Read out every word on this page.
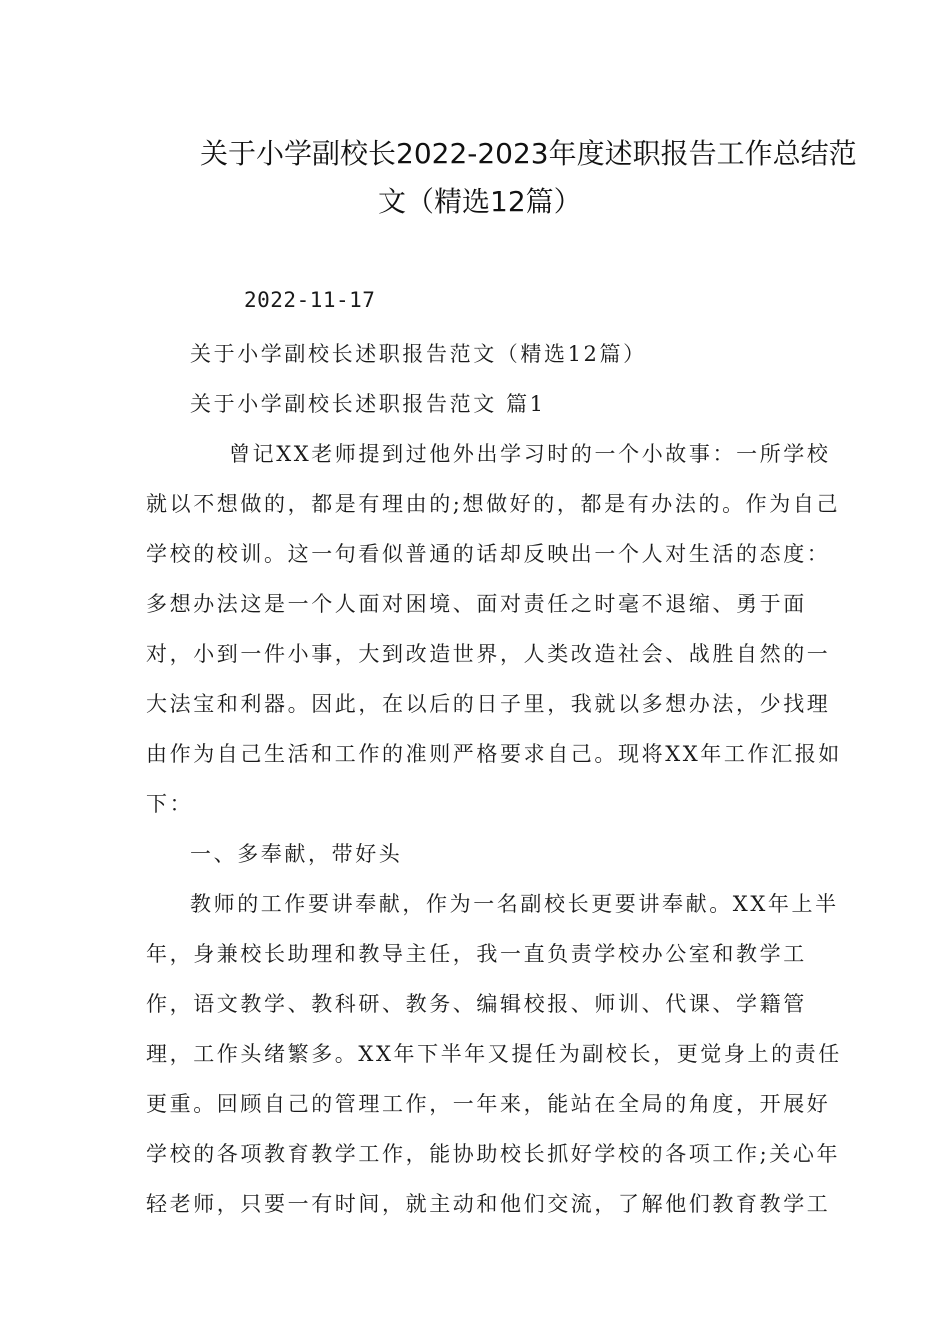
关于小学副校长2022-2023年度述职报告工作总结范
文（精选12篇）
2022-11-17
关于小学副校长述职报告范文（精选12篇）
关于小学副校长述职报告范文 篇1
曾记XX老师提到过他外出学习时的一个小故事：一所学校
就以不想做的，都是有理由的;想做好的，都是有办法的。作为自己
学校的校训。这一句看似普通的话却反映出一个人对生活的态度：
多想办法这是一个人面对困境、面对责任之时毫不退缩、勇于面
对，小到一件小事，大到改造世界，人类改造社会、战胜自然的一
大法宝和利器。因此，在以后的日子里，我就以多想办法，少找理
由作为自己生活和工作的准则严格要求自己。现将XX年工作汇报如
下：
一、多奉献，带好头
教师的工作要讲奉献，作为一名副校长更要讲奉献。XX年上半
年，身兼校长助理和教导主任，我一直负责学校办公室和教学工
作，语文教学、教科研、教务、编辑校报、师训、代课、学籍管
理，工作头绪繁多。XX年下半年又提任为副校长，更觉身上的责任
更重。回顾自己的管理工作，一年来，能站在全局的角度，开展好
学校的各项教育教学工作，能协助校长抓好学校的各项工作;关心年
轻老师，只要一有时间，就主动和他们交流，了解他们教育教学工
